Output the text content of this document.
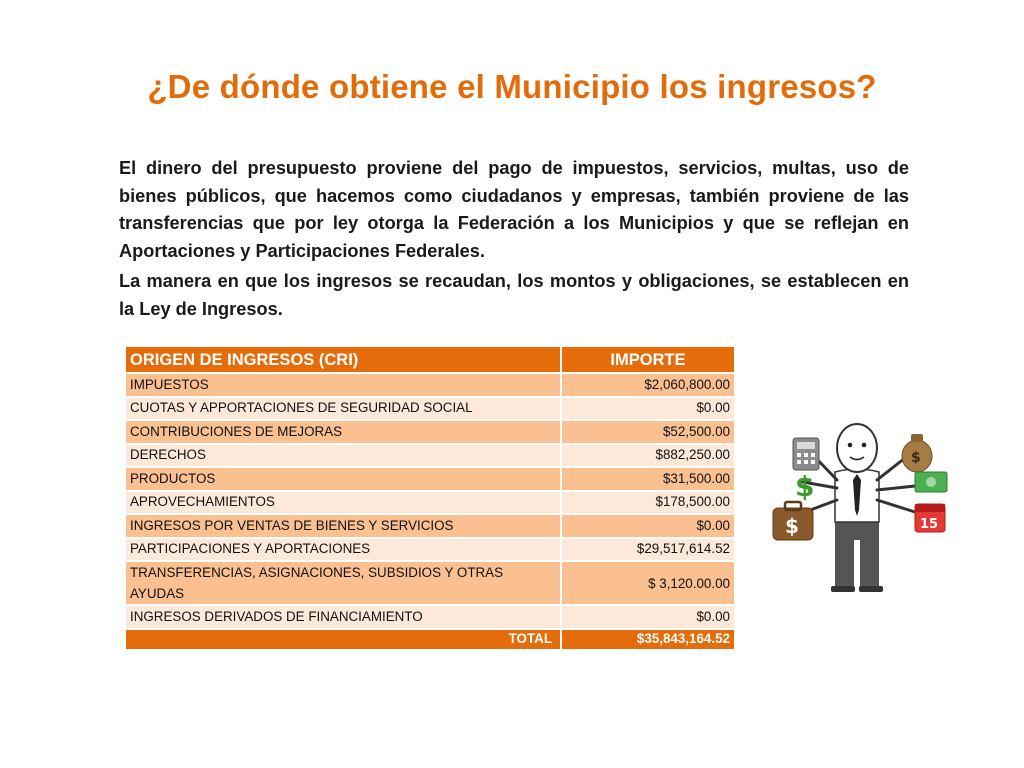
¿De dónde obtiene el Municipio los ingresos?

El dinero del presupuesto proviene del pago de impuestos, servicios, multas, uso de bienes públicos, que hacemos como ciudadanos y empresas, también proviene de las transferencias que por ley otorga la Federación a los Municipios y que se reflejan en Aportaciones y Participaciones Federales.

La manera en que los ingresos se recaudan, los montos y obligaciones, se establecen en la Ley de Ingresos.

ORIGEN DE INGRESOS (CRI)	IMPORTE
IMPUESTOS	$2,060,800.00
CUOTAS Y APPORTACIONES DE SEGURIDAD SOCIAL	$0.00
CONTRIBUCIONES DE MEJORAS	$52,500.00
DERECHOS	$882,250.00
PRODUCTOS	$31,500.00
APROVECHAMIENTOS	$178,500.00
INGRESOS POR VENTAS DE BIENES Y SERVICIOS	$0.00
PARTICIPACIONES Y APORTACIONES	$29,517,614.52
TRANSFERENCIAS, ASIGNACIONES, SUBSIDIOS Y OTRAS AYUDAS	$ 3,120.00.00
INGRESOS DERIVADOS DE FINANCIAMIENTO	$0.00
TOTAL	$35,843,164.52
$
$
$
15
